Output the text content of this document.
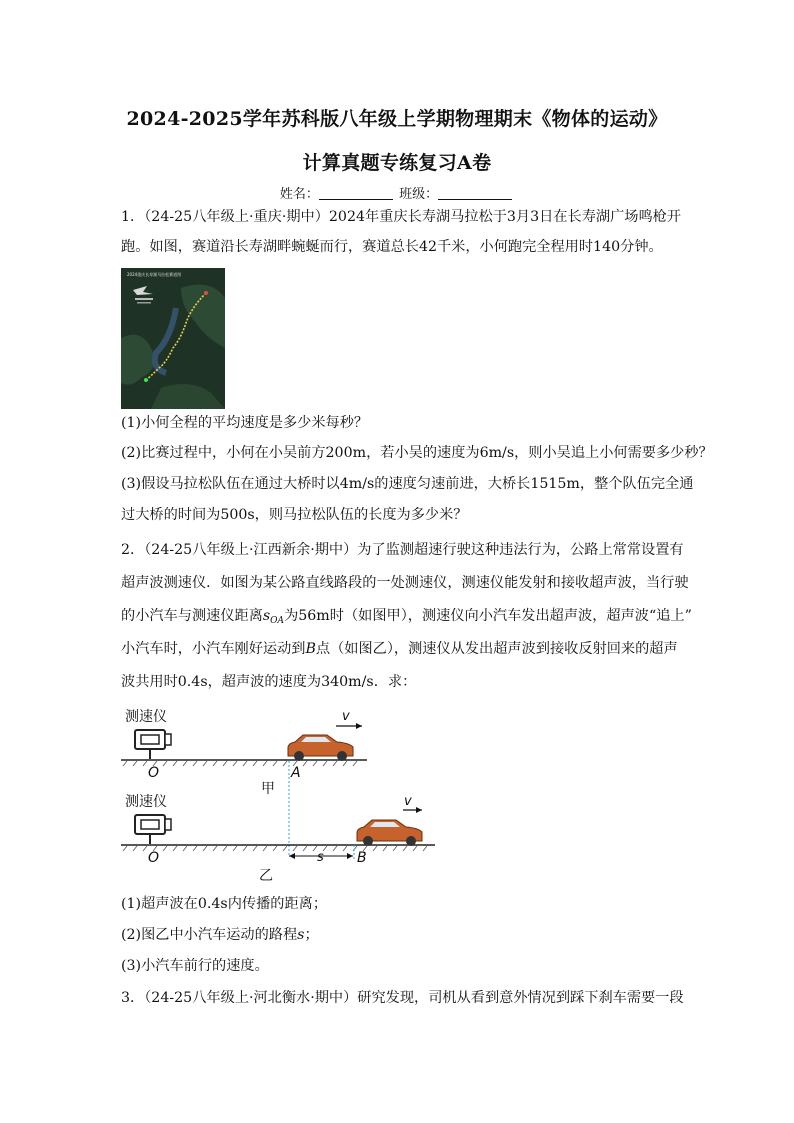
2024-2025学年苏科版八年级上学期物理期末《物体的运动》
计算真题专练复习A卷
姓名：	班级：
1．（24-25八年级上·重庆·期中）2024年重庆长寿湖马拉松于3月3日在长寿湖广场鸣枪开
跑。如图，赛道沿长寿湖畔蜿蜒而行，赛道总长42千米，小何跑完全程用时140分钟。
2024重庆长寿湖马拉松赛道图
(1)小何全程的平均速度是多少米每秒？
(2)比赛过程中，小何在小吴前方200m，若小吴的速度为6m/s，则小吴追上小何需要多少秒？
(3)假设马拉松队伍在通过大桥时以4m/s的速度匀速前进，大桥长1515m，整个队伍完全通
过大桥的时间为500s，则马拉松队伍的长度为多少米？
2．（24-25八年级上·江西新余·期中）为了监测超速行驶这种违法行为，公路上常常设置有
超声波测速仪．如图为某公路直线路段的一处测速仪，测速仪能发射和接收超声波，当行驶
的小汽车与测速仪距离$s_{OA}$为56m时（如图甲），测速仪向小汽车发出超声波，超声波“追上”
小汽车时，小汽车刚好运动到B点（如图乙），测速仪从发出超声波到接收反射回来的超声
波共用时0.4s，超声波的速度为340m/s．求：
测速仪
O
v
A
甲
测速仪
O
v
s B
乙
(1)超声波在0.4s内传播的距离；
(2)图乙中小汽车运动的路程s；
(3)小汽车前行的速度。
3．（24-25八年级上·河北衡水·期中）研究发现，司机从看到意外情况到踩下刹车需要一段
